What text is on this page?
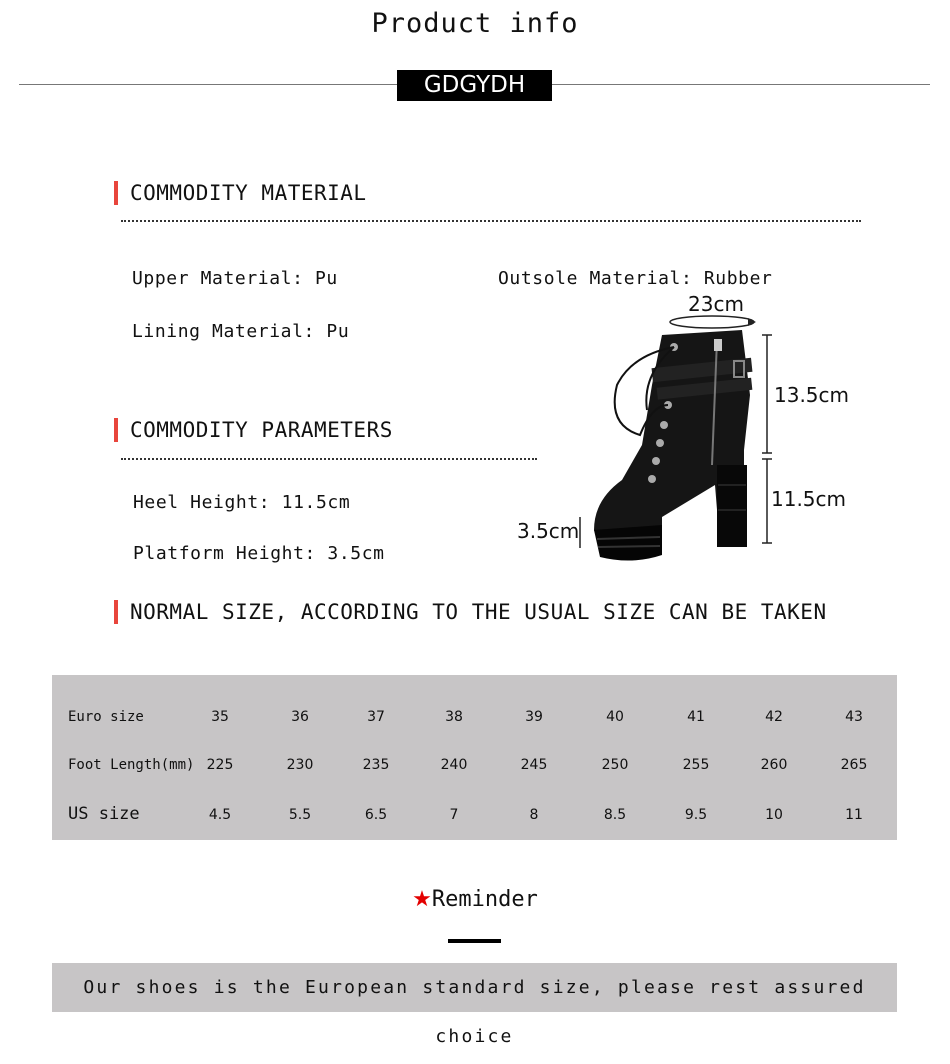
Product info
GDGYDH
COMMODITY MATERIAL
Upper Material: Pu	Outsole Material: Rubber
Lining Material: Pu
COMMODITY PARAMETERS
Heel Height: 11.5cm
Platform Height: 3.5cm
23cm
13.5cm
11.5cm
3.5cm
NORMAL SIZE, ACCORDING TO THE USUAL SIZE CAN BE TAKEN
Euro size	35	36	37	38	39	40	41	42	43
Foot Length(mm) 225	230	235	240	245	250	255	260	265
US size	4.5	5.5	6.5	7	8	8.5	9.5	10	11
★Reminder
Our shoes is the European standard size, please rest assured choice
